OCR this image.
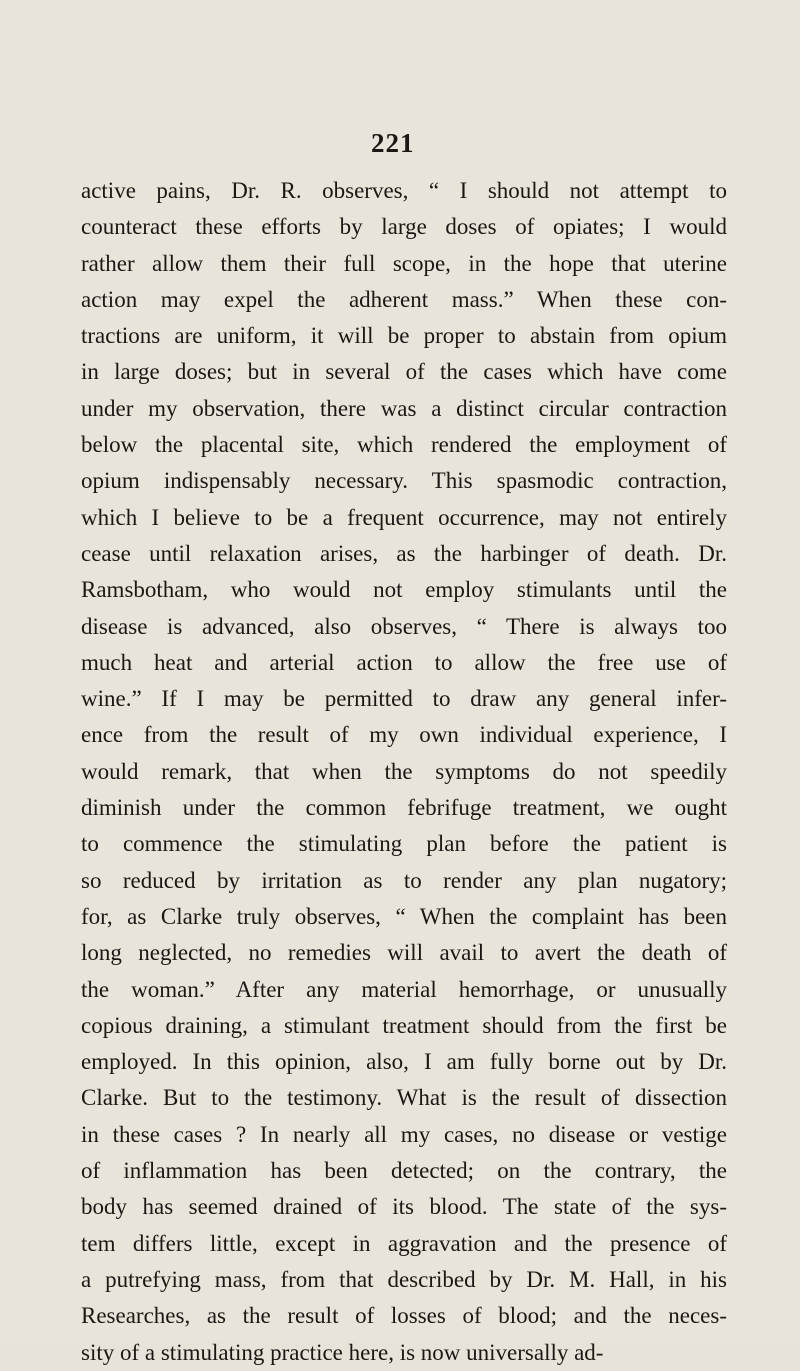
221
active pains, Dr. R. observes, “ I should not attempt to
counteract these efforts by large doses of opiates; I would
rather allow them their full scope, in the hope that uterine
action may expel the adherent mass.” When these con-
tractions are uniform, it will be proper to abstain from opium
in large doses; but in several of the cases which have come
under my observation, there was a distinct circular contraction
below the placental site, which rendered the employment of
opium indispensably necessary. This spasmodic contraction,
which I believe to be a frequent occurrence, may not entirely
cease until relaxation arises, as the harbinger of death. Dr.
Ramsbotham, who would not employ stimulants until the
disease is advanced, also observes, “ There is always too
much heat and arterial action to allow the free use of
wine.” If I may be permitted to draw any general infer-
ence from the result of my own individual experience, I
would remark, that when the symptoms do not speedily
diminish under the common febrifuge treatment, we ought
to commence the stimulating plan before the patient is
so reduced by irritation as to render any plan nugatory;
for, as Clarke truly observes, “ When the complaint has been
long neglected, no remedies will avail to avert the death of
the woman.” After any material hemorrhage, or unusually
copious draining, a stimulant treatment should from the first be
employed. In this opinion, also, I am fully borne out by Dr.
Clarke. But to the testimony. What is the result of dissection
in these cases ? In nearly all my cases, no disease or vestige
of inflammation has been detected; on the contrary, the
body has seemed drained of its blood. The state of the sys-
tem differs little, except in aggravation and the presence of
a putrefying mass, from that described by Dr. M. Hall, in his
Researches, as the result of losses of blood; and the neces-
sity of a stimulating practice here, is now universally ad-
